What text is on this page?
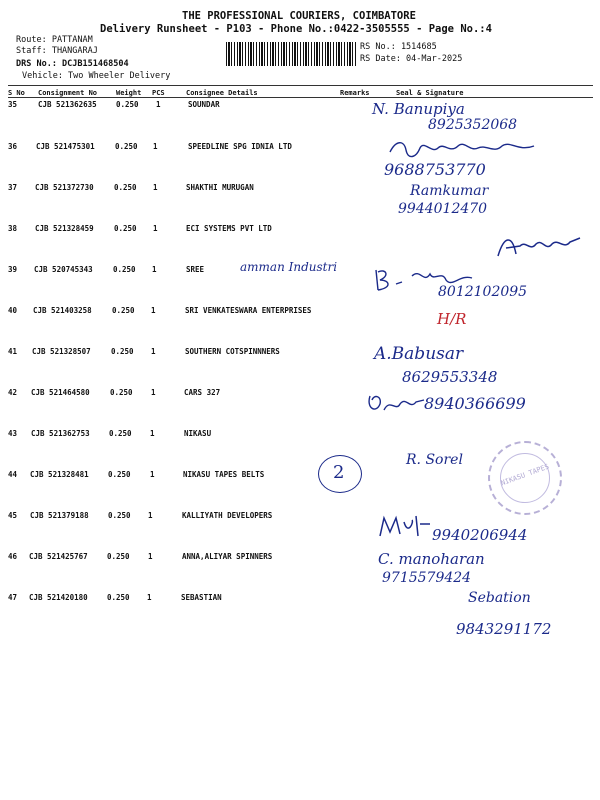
THE PROFESSIONAL COURIERS, COIMBATORE
Delivery Runsheet - P103 - Phone No.:0422-3505555 - Page No.:4
Route: PATTANAM
Staff: THANGARAJ
DRS No.: DCJB151468504
Vehicle: Two Wheeler Delivery
RS No.: 1514685
RS Date: 04-Mar-2025
S No Consignment No	Weight PCS	Consignee Details	Remarks	Seal & Signature
35	CJB 521362635	0.250 1	SOUNDAR
36	CJB 521475301	0.250 1	SPEEDLINE SPG IDNIA LTD
37 CJB 521372730	0.250 1	SHAKTHI MURUGAN
38 CJB 521328459	0.250 1	ECI SYSTEMS PVT LTD
39 CJB 520745343	0.250 1	SREE
40 CJB 521403258	0.250 1	SRI VENKATESWARA ENTERPRISES
41 CJB 521328507	0.250 1	SOUTHERN COTSPINNNERS
42 CJB 521464580	0.250 1	CARS 327
43 CJB 521362753	0.250 1	NIKASU
44 CJB 521328481	0.250	1	NIKASU TAPES BELTS
45 CJB 521379188	0.250 1	KALLIYATH DEVELOPERS
46 CJB 521425767	0.250 1	ANNA,ALIYAR SPINNERS
47 CJB 521420180	0.250 1	SEBASTIAN
N. Banupiya
8925352068
9688753770
Ramkumar
9944012470
amman Industri
8012102095
H/R
A.Babusar
8629553348
8940366699
2
R. Sorel
NIKASU TAPES
9940206944
C. manoharan
9715579424
Sebation
9843291172
